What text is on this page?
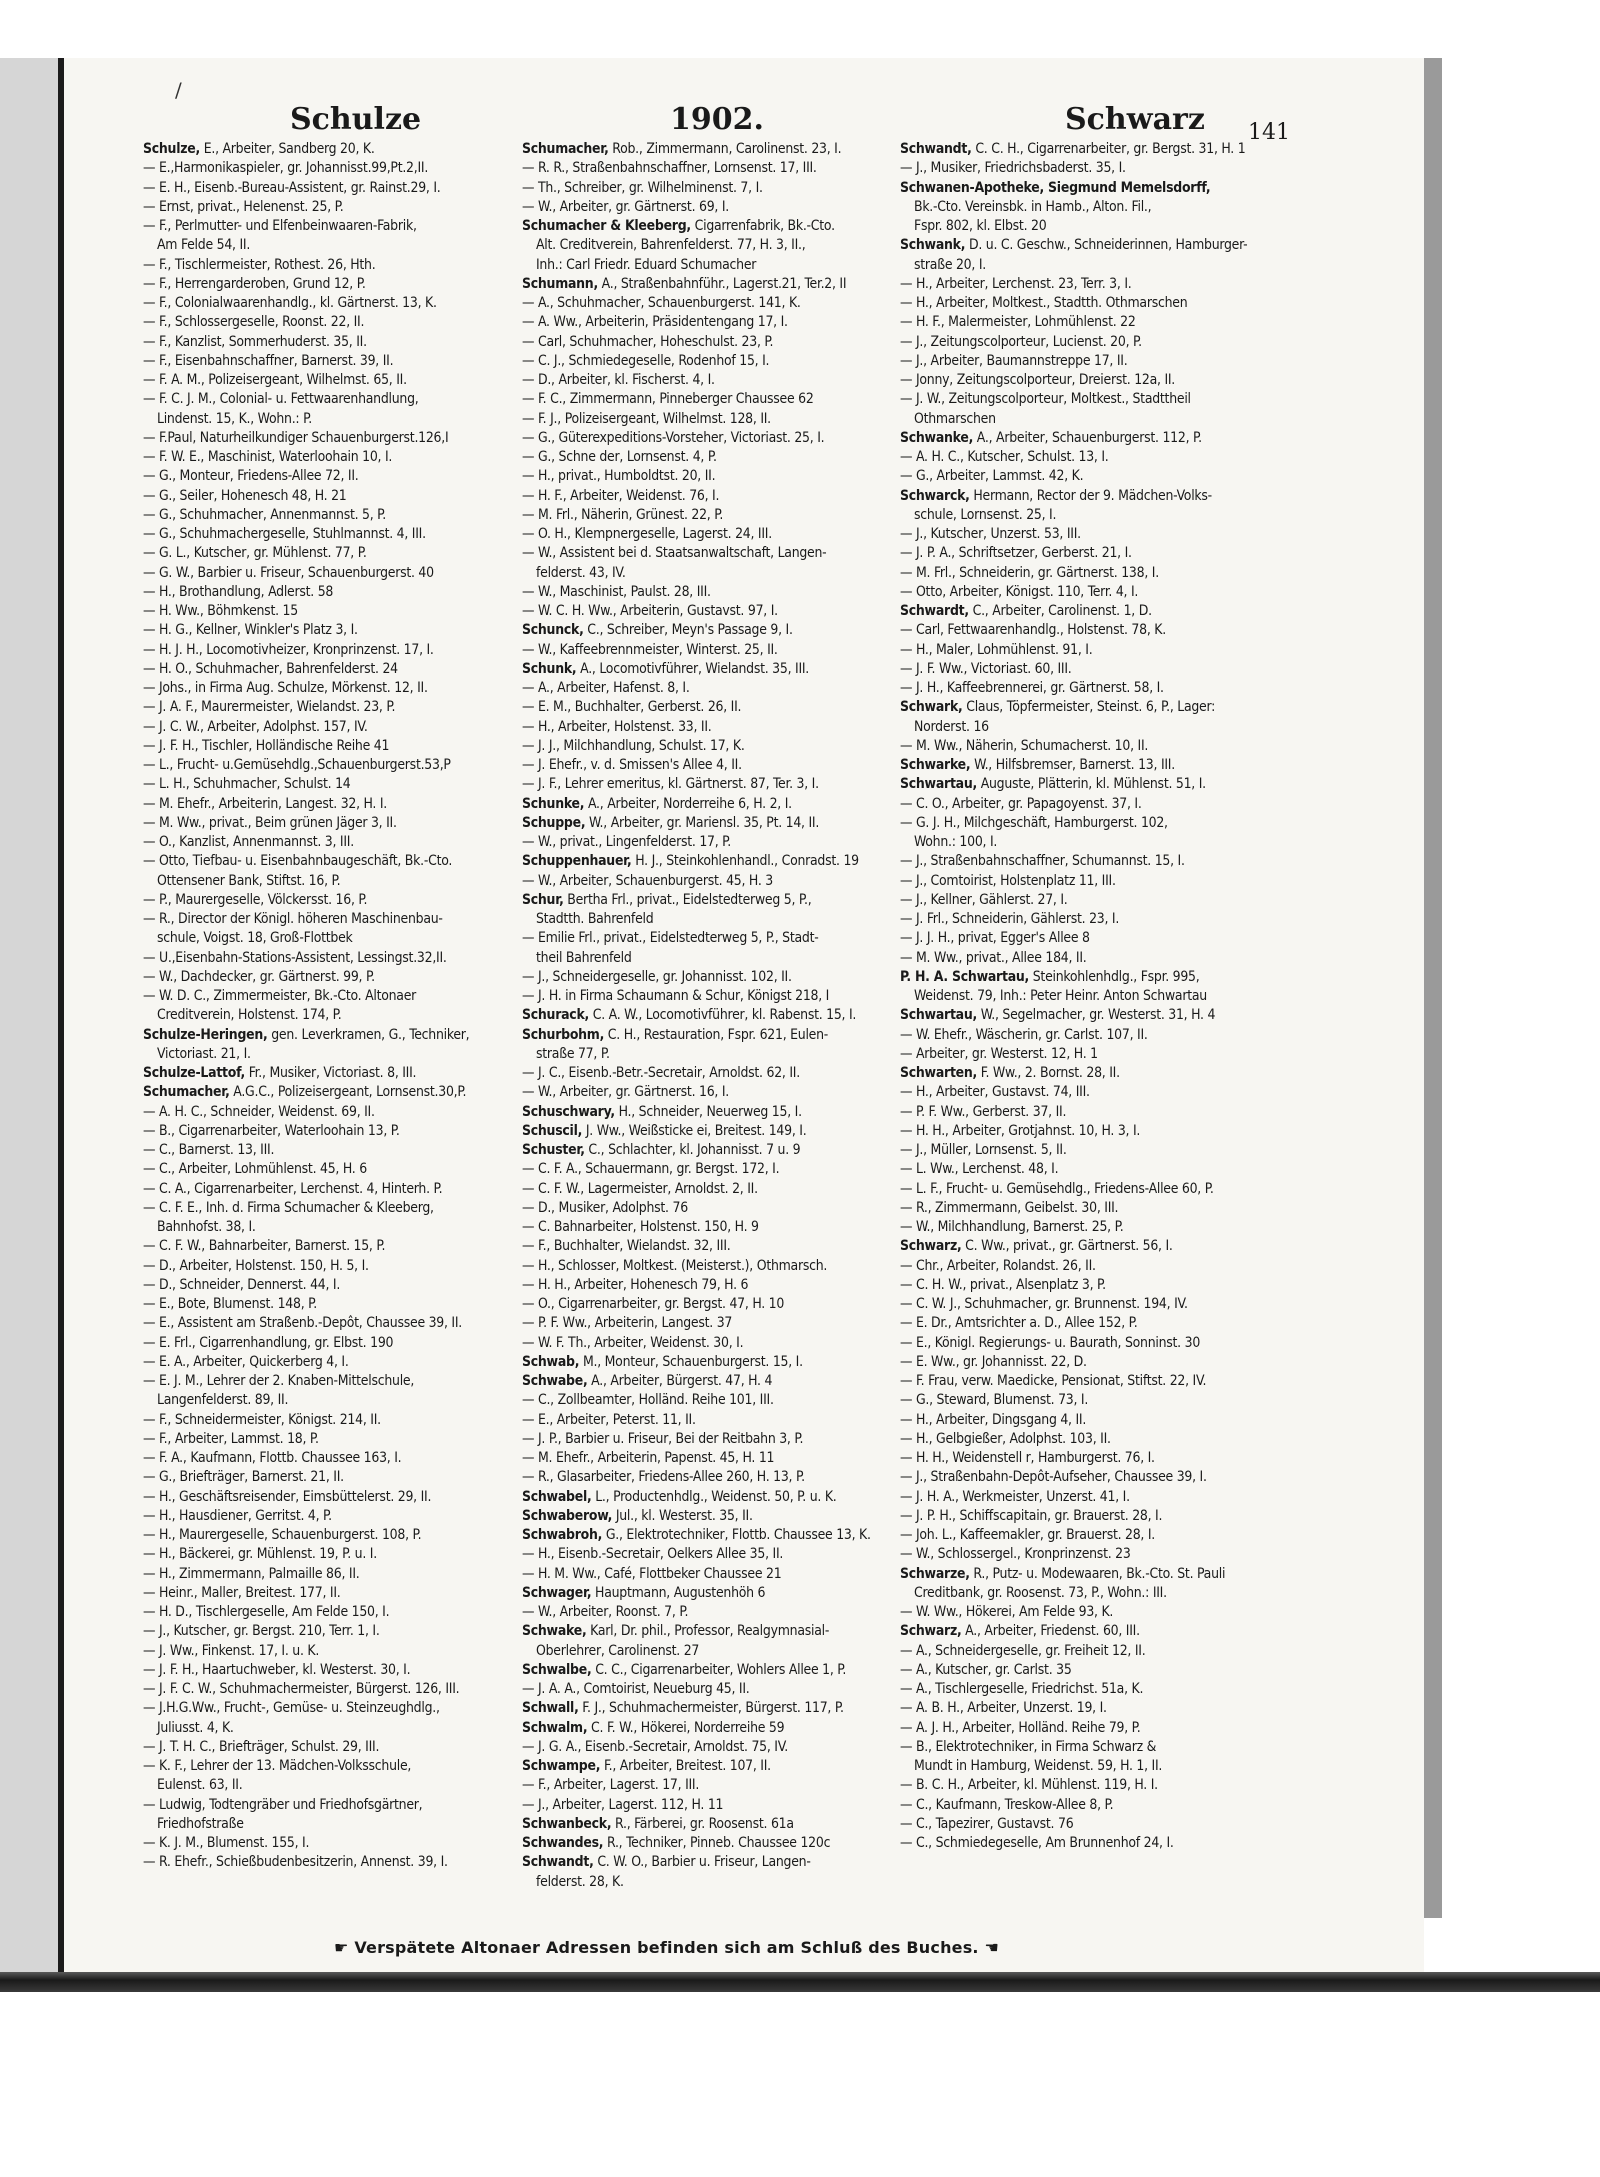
/
Schulze	1902.	Schwarz 141
Schulze, E., Arbeiter, Sandberg 20, K.
— E.,Harmonikaspieler, gr. Johannisst.99,Pt.2,II.
— E. H., Eisenb.-Bureau-Assistent, gr. Rainst.29, I.
— Ernst, privat., Helenenst. 25, P.
— F., Perlmutter- und Elfenbeinwaaren-Fabrik,
Am Felde 54, II.
— F., Tischlermeister, Rothest. 26, Hth.
— F., Herrengarderoben, Grund 12, P.
— F., Colonialwaarenhandlg., kl. Gärtnerst. 13, K.
— F., Schlossergeselle, Roonst. 22, II.
— F., Kanzlist, Sommerhuderst. 35, II.
— F., Eisenbahnschaffner, Barnerst. 39, II.
— F. A. M., Polizeisergeant, Wilhelmst. 65, II.
— F. C. J. M., Colonial- u. Fettwaarenhandlung,
Lindenst. 15, K., Wohn.: P.
— F.Paul, Naturheilkundiger Schauenburgerst.126,I
— F. W. E., Maschinist, Waterloohain 10, I.
— G., Monteur, Friedens-Allee 72, II.
— G., Seiler, Hohenesch 48, H. 21
— G., Schuhmacher, Annenmannst. 5, P.
— G., Schuhmachergeselle, Stuhlmannst. 4, III.
— G. L., Kutscher, gr. Mühlenst. 77, P.
— G. W., Barbier u. Friseur, Schauenburgerst. 40
— H., Brothandlung, Adlerst. 58
— H. Ww., Böhmkenst. 15
— H. G., Kellner, Winkler's Platz 3, I.
— H. J. H., Locomotivheizer, Kronprinzenst. 17, I.
— H. O., Schuhmacher, Bahrenfelderst. 24
— Johs., in Firma Aug. Schulze, Mörkenst. 12, II.
— J. A. F., Maurermeister, Wielandst. 23, P.
— J. C. W., Arbeiter, Adolphst. 157, IV.
— J. F. H., Tischler, Holländische Reihe 41
— L., Frucht- u.Gemüsehdlg.,Schauenburgerst.53,P
— L. H., Schuhmacher, Schulst. 14
— M. Ehefr., Arbeiterin, Langest. 32, H. I.
— M. Ww., privat., Beim grünen Jäger 3, II.
— O., Kanzlist, Annenmannst. 3, III.
— Otto, Tiefbau- u. Eisenbahnbaugeschäft, Bk.-Cto.
Ottensener Bank, Stiftst. 16, P.
— P., Maurergeselle, Völckersst. 16, P.
— R., Director der Königl. höheren Maschinenbau-
schule, Voigst. 18, Groß-Flottbek
— U.,Eisenbahn-Stations-Assistent, Lessingst.32,II.
— W., Dachdecker, gr. Gärtnerst. 99, P.
— W. D. C., Zimmermeister, Bk.-Cto. Altonaer
Creditverein, Holstenst. 174, P.
Schulze-Heringen, gen. Leverkramen, G., Techniker,
Victoriast. 21, I.
Schulze-Lattof, Fr., Musiker, Victoriast. 8, III.
Schumacher, A.G.C., Polizeisergeant, Lornsenst.30,P.
— A. H. C., Schneider, Weidenst. 69, II.
— B., Cigarrenarbeiter, Waterloohain 13, P.
— C., Barnerst. 13, III.
— C., Arbeiter, Lohmühlenst. 45, H. 6
— C. A., Cigarrenarbeiter, Lerchenst. 4, Hinterh. P.
— C. F. E., Inh. d. Firma Schumacher & Kleeberg,
Bahnhofst. 38, I.
— C. F. W., Bahnarbeiter, Barnerst. 15, P.
— D., Arbeiter, Holstenst. 150, H. 5, I.
— D., Schneider, Dennerst. 44, I.
— E., Bote, Blumenst. 148, P.
— E., Assistent am Straßenb.-Depôt, Chaussee 39, II.
— E. Frl., Cigarrenhandlung, gr. Elbst. 190
— E. A., Arbeiter, Quickerberg 4, I.
— E. J. M., Lehrer der 2. Knaben-Mittelschule,
Langenfelderst. 89, II.
— F., Schneidermeister, Königst. 214, II.
— F., Arbeiter, Lammst. 18, P.
— F. A., Kaufmann, Flottb. Chaussee 163, I.
— G., Briefträger, Barnerst. 21, II.
— H., Geschäftsreisender, Eimsbüttelerst. 29, II.
— H., Hausdiener, Gerritst. 4, P.
— H., Maurergeselle, Schauenburgerst. 108, P.
— H., Bäckerei, gr. Mühlenst. 19, P. u. I.
— H., Zimmermann, Palmaille 86, II.
— Heinr., Maller, Breitest. 177, II.
— H. D., Tischlergeselle, Am Felde 150, I.
— J., Kutscher, gr. Bergst. 210, Terr. 1, I.
— J. Ww., Finkenst. 17, I. u. K.
— J. F. H., Haartuchweber, kl. Westerst. 30, I.
— J. F. C. W., Schuhmachermeister, Bürgerst. 126, III.
— J.H.G.Ww., Frucht-, Gemüse- u. Steinzeughdlg.,
Juliusst. 4, K.
— J. T. H. C., Briefträger, Schulst. 29, III.
— K. F., Lehrer der 13. Mädchen-Volksschule,
Eulenst. 63, II.
— Ludwig, Todtengräber und Friedhofsgärtner,
Friedhofstraße
— K. J. M., Blumenst. 155, I.
— R. Ehefr., Schießbudenbesitzerin, Annenst. 39, I.
Schumacher, Rob., Zimmermann, Carolinenst. 23, I.
— R. R., Straßenbahnschaffner, Lornsenst. 17, III.
— Th., Schreiber, gr. Wilhelminenst. 7, I.
— W., Arbeiter, gr. Gärtnerst. 69, I.
Schumacher & Kleeberg, Cigarrenfabrik, Bk.-Cto.
Alt. Creditverein, Bahrenfelderst. 77, H. 3, II.,
Inh.: Carl Friedr. Eduard Schumacher
Schumann, A., Straßenbahnführ., Lagerst.21, Ter.2, II
— A., Schuhmacher, Schauenburgerst. 141, K.
— A. Ww., Arbeiterin, Präsidentengang 17, I.
— Carl, Schuhmacher, Hoheschulst. 23, P.
— C. J., Schmiedegeselle, Rodenhof 15, I.
— D., Arbeiter, kl. Fischerst. 4, I.
— F. C., Zimmermann, Pinneberger Chaussee 62
— F. J., Polizeisergeant, Wilhelmst. 128, II.
— G., Güterexpeditions-Vorsteher, Victoriast. 25, I.
— G., Schne der, Lornsenst. 4, P.
— H., privat., Humboldtst. 20, II.
— H. F., Arbeiter, Weidenst. 76, I.
— M. Frl., Näherin, Grünest. 22, P.
— O. H., Klempnergeselle, Lagerst. 24, III.
— W., Assistent bei d. Staatsanwaltschaft, Langen-
felderst. 43, IV.
— W., Maschinist, Paulst. 28, III.
— W. C. H. Ww., Arbeiterin, Gustavst. 97, I.
Schunck, C., Schreiber, Meyn's Passage 9, I.
— W., Kaffeebrennmeister, Winterst. 25, II.
Schunk, A., Locomotivführer, Wielandst. 35, III.
— A., Arbeiter, Hafenst. 8, I.
— E. M., Buchhalter, Gerberst. 26, II.
— H., Arbeiter, Holstenst. 33, II.
— J. J., Milchhandlung, Schulst. 17, K.
— J. Ehefr., v. d. Smissen's Allee 4, II.
— J. F., Lehrer emeritus, kl. Gärtnerst. 87, Ter. 3, I.
Schunke, A., Arbeiter, Norderreihe 6, H. 2, I.
Schuppe, W., Arbeiter, gr. Mariensl. 35, Pt. 14, II.
— W., privat., Lingenfelderst. 17, P.
Schuppenhauer, H. J., Steinkohlenhandl., Conradst. 19
— W., Arbeiter, Schauenburgerst. 45, H. 3
Schur, Bertha Frl., privat., Eidelstedterweg 5, P.,
Stadtth. Bahrenfeld
— Emilie Frl., privat., Eidelstedterweg 5, P., Stadt-
theil Bahrenfeld
— J., Schneidergeselle, gr. Johannisst. 102, II.
— J. H. in Firma Schaumann & Schur, Königst 218, I
Schurack, C. A. W., Locomotivführer, kl. Rabenst. 15, I.
Schurbohm, C. H., Restauration, Fspr. 621, Eulen-
straße 77, P.
— J. C., Eisenb.-Betr.-Secretair, Arnoldst. 62, II.
— W., Arbeiter, gr. Gärtnerst. 16, I.
Schuschwary, H., Schneider, Neuerweg 15, I.
Schuscil, J. Ww., Weißsticke ei, Breitest. 149, I.
Schuster, C., Schlachter, kl. Johannisst. 7 u. 9
— C. F. A., Schauermann, gr. Bergst. 172, I.
— C. F. W., Lagermeister, Arnoldst. 2, II.
— D., Musiker, Adolphst. 76
— C. Bahnarbeiter, Holstenst. 150, H. 9
— F., Buchhalter, Wielandst. 32, III.
— H., Schlosser, Moltkest. (Meisterst.), Othmarsch.
— H. H., Arbeiter, Hohenesch 79, H. 6
— O., Cigarrenarbeiter, gr. Bergst. 47, H. 10
— P. F. Ww., Arbeiterin, Langest. 37
— W. F. Th., Arbeiter, Weidenst. 30, I.
Schwab, M., Monteur, Schauenburgerst. 15, I.
Schwabe, A., Arbeiter, Bürgerst. 47, H. 4
— C., Zollbeamter, Holländ. Reihe 101, III.
— E., Arbeiter, Peterst. 11, II.
— J. P., Barbier u. Friseur, Bei der Reitbahn 3, P.
— M. Ehefr., Arbeiterin, Papenst. 45, H. 11
— R., Glasarbeiter, Friedens-Allee 260, H. 13, P.
Schwabel, L., Productenhdlg., Weidenst. 50, P. u. K.
Schwaberow, Jul., kl. Westerst. 35, II.
Schwabroh, G., Elektrotechniker, Flottb. Chaussee 13, K.
— H., Eisenb.-Secretair, Oelkers Allee 35, II.
— H. M. Ww., Café, Flottbeker Chaussee 21
Schwager, Hauptmann, Augustenhöh 6
— W., Arbeiter, Roonst. 7, P.
Schwake, Karl, Dr. phil., Professor, Realgymnasial-
Oberlehrer, Carolinenst. 27
Schwalbe, C. C., Cigarrenarbeiter, Wohlers Allee 1, P.
— J. A. A., Comtoirist, Neueburg 45, II.
Schwall, F. J., Schuhmachermeister, Bürgerst. 117, P.
Schwalm, C. F. W., Hökerei, Norderreihe 59
— J. G. A., Eisenb.-Secretair, Arnoldst. 75, IV.
Schwampe, F., Arbeiter, Breitest. 107, II.
— F., Arbeiter, Lagerst. 17, III.
— J., Arbeiter, Lagerst. 112, H. 11
Schwanbeck, R., Färberei, gr. Roosenst. 61a
Schwandes, R., Techniker, Pinneb. Chaussee 120c
Schwandt, C. W. O., Barbier u. Friseur, Langen-
felderst. 28, K.
Schwandt, C. C. H., Cigarrenarbeiter, gr. Bergst. 31, H. 1
— J., Musiker, Friedrichsbaderst. 35, I.
Schwanen-Apotheke, Siegmund Memelsdorff,
Bk.-Cto. Vereinsbk. in Hamb., Alton. Fil.,
Fspr. 802, kl. Elbst. 20
Schwank, D. u. C. Geschw., Schneiderinnen, Hamburger-
straße 20, I.
— H., Arbeiter, Lerchenst. 23, Terr. 3, I.
— H., Arbeiter, Moltkest., Stadtth. Othmarschen
— H. F., Malermeister, Lohmühlenst. 22
— J., Zeitungscolporteur, Lucienst. 20, P.
— J., Arbeiter, Baumannstreppe 17, II.
— Jonny, Zeitungscolporteur, Dreierst. 12a, II.
— J. W., Zeitungscolporteur, Moltkest., Stadttheil
Othmarschen
Schwanke, A., Arbeiter, Schauenburgerst. 112, P.
— A. H. C., Kutscher, Schulst. 13, I.
— G., Arbeiter, Lammst. 42, K.
Schwarck, Hermann, Rector der 9. Mädchen-Volks-
schule, Lornsenst. 25, I.
— J., Kutscher, Unzerst. 53, III.
— J. P. A., Schriftsetzer, Gerberst. 21, I.
— M. Frl., Schneiderin, gr. Gärtnerst. 138, I.
— Otto, Arbeiter, Königst. 110, Terr. 4, I.
Schwardt, C., Arbeiter, Carolinenst. 1, D.
— Carl, Fettwaarenhandlg., Holstenst. 78, K.
— H., Maler, Lohmühlenst. 91, I.
— J. F. Ww., Victoriast. 60, III.
— J. H., Kaffeebrennerei, gr. Gärtnerst. 58, I.
Schwark, Claus, Töpfermeister, Steinst. 6, P., Lager:
Norderst. 16
— M. Ww., Näherin, Schumacherst. 10, II.
Schwarke, W., Hilfsbremser, Barnerst. 13, III.
Schwartau, Auguste, Plätterin, kl. Mühlenst. 51, I.
— C. O., Arbeiter, gr. Papagoyenst. 37, I.
— G. J. H., Milchgeschäft, Hamburgerst. 102,
Wohn.: 100, I.
— J., Straßenbahnschaffner, Schumannst. 15, I.
— J., Comtoirist, Holstenplatz 11, III.
— J., Kellner, Gählerst. 27, I.
— J. Frl., Schneiderin, Gählerst. 23, I.
— J. J. H., privat, Egger's Allee 8
— M. Ww., privat., Allee 184, II.
P. H. A. Schwartau, Steinkohlenhdlg., Fspr. 995,
Weidenst. 79, Inh.: Peter Heinr. Anton Schwartau
Schwartau, W., Segelmacher, gr. Westerst. 31, H. 4
— W. Ehefr., Wäscherin, gr. Carlst. 107, II.
— Arbeiter, gr. Westerst. 12, H. 1
Schwarten, F. Ww., 2. Bornst. 28, II.
— H., Arbeiter, Gustavst. 74, III.
— P. F. Ww., Gerberst. 37, II.
— H. H., Arbeiter, Grotjahnst. 10, H. 3, I.
— J., Müller, Lornsenst. 5, II.
— L. Ww., Lerchenst. 48, I.
— L. F., Frucht- u. Gemüsehdlg., Friedens-Allee 60, P.
— R., Zimmermann, Geibelst. 30, III.
— W., Milchhandlung, Barnerst. 25, P.
Schwarz, C. Ww., privat., gr. Gärtnerst. 56, I.
— Chr., Arbeiter, Rolandst. 26, II.
— C. H. W., privat., Alsenplatz 3, P.
— C. W. J., Schuhmacher, gr. Brunnenst. 194, IV.
— E. Dr., Amtsrichter a. D., Allee 152, P.
— E., Königl. Regierungs- u. Baurath, Sonninst. 30
— E. Ww., gr. Johannisst. 22, D.
— F. Frau, verw. Maedicke, Pensionat, Stiftst. 22, IV.
— G., Steward, Blumenst. 73, I.
— H., Arbeiter, Dingsgang 4, II.
— H., Gelbgießer, Adolphst. 103, II.
— H. H., Weidenstell r, Hamburgerst. 76, I.
— J., Straßenbahn-Depôt-Aufseher, Chaussee 39, I.
— J. H. A., Werkmeister, Unzerst. 41, I.
— J. P. H., Schiffscapitain, gr. Brauerst. 28, I.
— Joh. L., Kaffeemakler, gr. Brauerst. 28, I.
— W., Schlossergel., Kronprinzenst. 23
Schwarze, R., Putz- u. Modewaaren, Bk.-Cto. St. Pauli
Creditbank, gr. Roosenst. 73, P., Wohn.: III.
— W. Ww., Hökerei, Am Felde 93, K.
Schwarz, A., Arbeiter, Friedenst. 60, III.
— A., Schneidergeselle, gr. Freiheit 12, II.
— A., Kutscher, gr. Carlst. 35
— A., Tischlergeselle, Friedrichst. 51a, K.
— A. B. H., Arbeiter, Unzerst. 19, I.
— A. J. H., Arbeiter, Holländ. Reihe 79, P.
— B., Elektrotechniker, in Firma Schwarz &
Mundt in Hamburg, Weidenst. 59, H. 1, II.
— B. C. H., Arbeiter, kl. Mühlenst. 119, H. I.
— C., Kaufmann, Treskow-Allee 8, P.
— C., Tapezirer, Gustavst. 76
— C., Schmiedegeselle, Am Brunnenhof 24, I.
☛ Verspätete Altonaer Adressen befinden sich am Schluß des Buches. ☚
